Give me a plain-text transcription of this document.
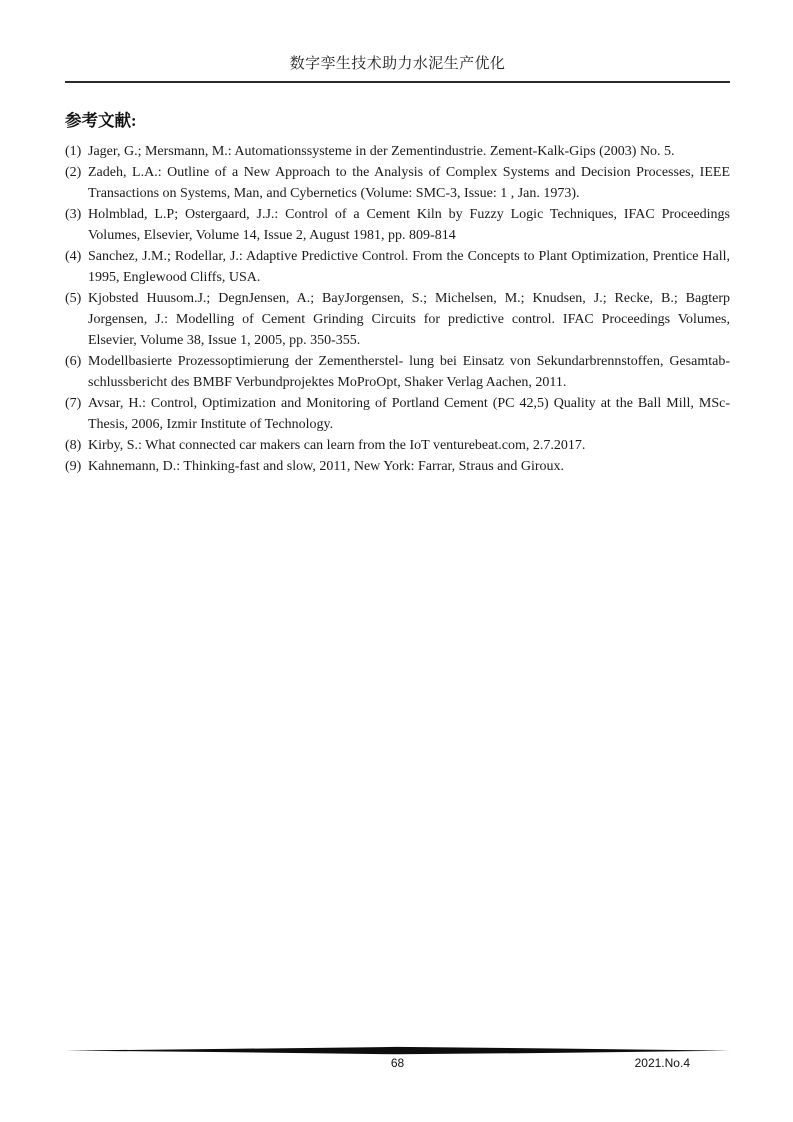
数字孪生技术助力水泥生产优化
参考文献:
(1) Jager, G.; Mersmann, M.: Automationssysteme in der Zementindustrie. Zement-Kalk-Gips (2003) No. 5.
(2) Zadeh, L.A.: Outline of a New Approach to the Analysis of Complex Systems and Decision Processes, IEEE
Transactions on Systems, Man, and Cybernetics (Volume: SMC-3, Issue: 1 , Jan. 1973).
(3) Holmblad, L.P; Ostergaard, J.J.: Control of a Cement Kiln by Fuzzy Logic Techniques, IFAC Proceedings
Volumes, Elsevier, Volume 14, Issue 2, August 1981, pp. 809-814
(4) Sanchez, J.M.; Rodellar, J.: Adaptive Predictive Control. From the Concepts to Plant Optimization, Prentice Hall,
1995, Englewood Cliffs, USA.
(5) Kjobsted Huusom.J.; DegnJensen, A.; BayJorgensen, S.; Michelsen, M.; Knudsen, J.; Recke, B.; Bagterp
Jorgensen, J.: Modelling of Cement Grinding Circuits for predictive control. IFAC Proceedings Volumes,
Elsevier, Volume 38, Issue 1, 2005, pp. 350-355.
(6) Modellbasierte Prozessoptimierung der Zementherstel- lung bei Einsatz von Sekundarbrennstoffen, Gesamtab-
schlussbericht des BMBF Verbundprojektes MoProOpt, Shaker Verlag Aachen, 2011.
(7) Avsar, H.: Control, Optimization and Monitoring of Portland Cement (PC 42,5) Quality at the Ball Mill, MSc-
Thesis, 2006, Izmir Institute of Technology.
(8) Kirby, S.: What connected car makers can learn from the IoT venturebeat.com, 2.7.2017.
(9) Kahnemann, D.: Thinking-fast and slow, 2011, New York: Farrar, Straus and Giroux.
68	2021.No.4
